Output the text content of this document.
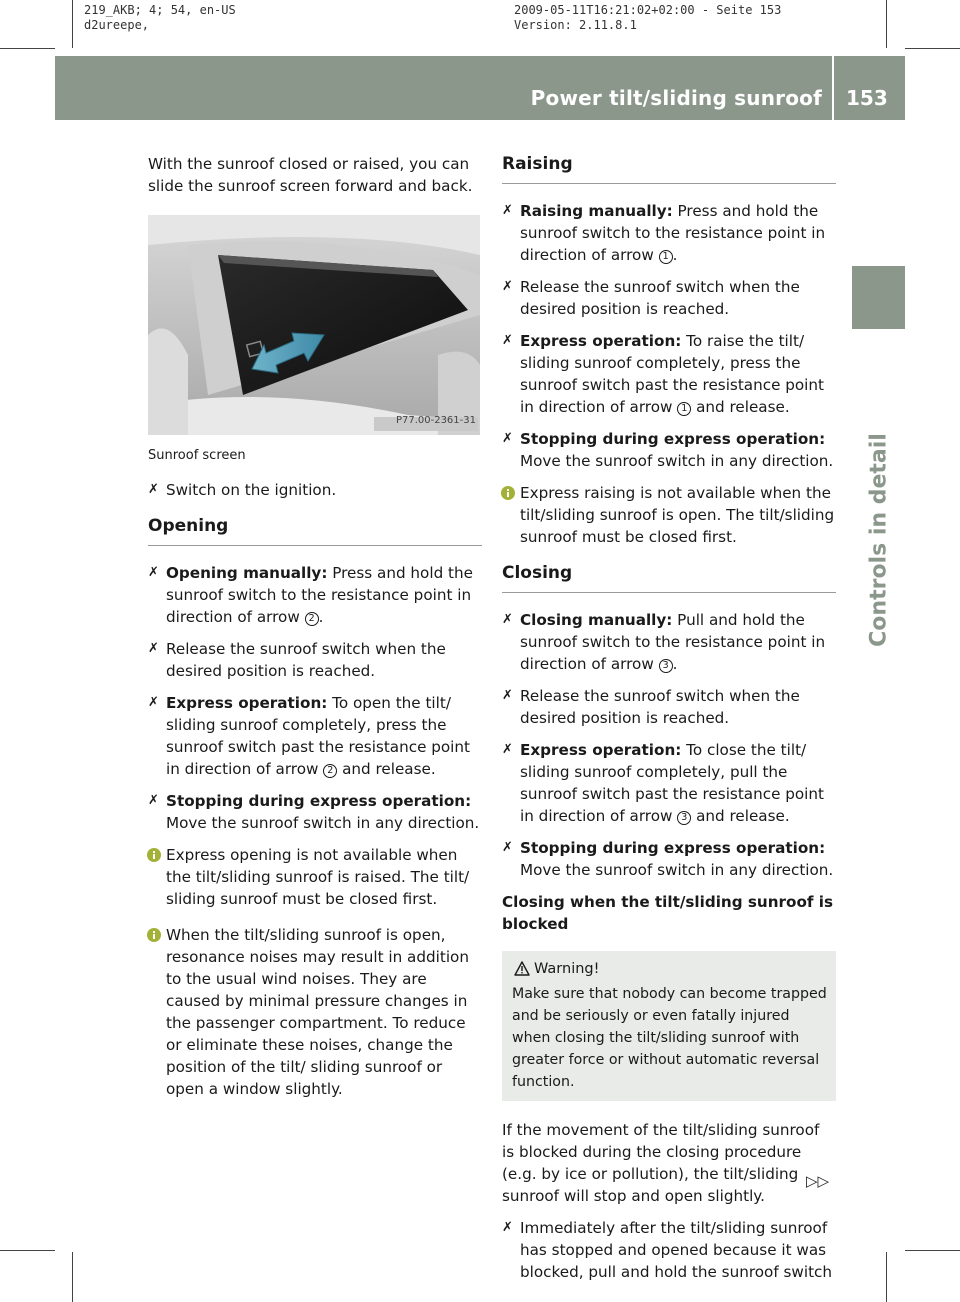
219_AKB; 4; 54, en-US
d2ureepe,
2009-05-11T16:21:02+02:00 - Seite 153
Version: 2.11.8.1
Power tilt/sliding sunroof 153
Controls in detail

With the sunroof closed or raised, you can slide the sunroof screen forward and back.

P77.00-2361-31
Sunroof screen
✗ Switch on the ignition.
Opening
✗ Opening manually: Press and hold the sunroof switch to the resistance point in direction of arrow 2 .
✗ Release the sunroof switch when the desired position is reached.
✗ Express operation: To open the tilt/ sliding sunroof completely, press the sunroof switch past the resistance point in direction of arrow 2 and release.
✗ Stopping during express operation:
Move the sunroof switch in any direction.
Express opening is not available when the tilt/sliding sunroof is raised. The tilt/ sliding sunroof must be closed first.
When the tilt/sliding sunroof is open, resonance noises may result in addition to the usual wind noises. They are caused by minimal pressure changes in the passenger compartment. To reduce or eliminate these noises, change the position of the tilt/ sliding sunroof or open a window slightly.
Raising
✗ Raising manually: Press and hold the sunroof switch to the resistance point in direction of arrow 1 .
✗ Release the sunroof switch when the desired position is reached.
✗ Express operation: To raise the tilt/ sliding sunroof completely, press the sunroof switch past the resistance point in direction of arrow 1 and release.
✗ Stopping during express operation:
Move the sunroof switch in any direction.
Express raising is not available when the tilt/sliding sunroof is open. The tilt/sliding sunroof must be closed first.
Closing
✗ Closing manually: Pull and hold the sunroof switch to the resistance point in direction of arrow 3 .
✗ Release the sunroof switch when the desired position is reached.
✗ Express operation: To close the tilt/ sliding sunroof completely, pull the sunroof switch past the resistance point in direction of arrow 3 and release.
✗ Stopping during express operation:
Move the sunroof switch in any direction.
Closing when the tilt/sliding sunroof is blocked
Warning!
Make sure that nobody can become trapped and be seriously or even fatally injured when closing the tilt/sliding sunroof with greater force or without automatic reversal function.

If the movement of the tilt/sliding sunroof is blocked during the closing procedure (e.g. by ice or pollution), the tilt/sliding sunroof will stop and open slightly.

✗ Immediately after the tilt/sliding sunroof has stopped and opened because it was blocked, pull and hold the sunroof switch
▷▷
